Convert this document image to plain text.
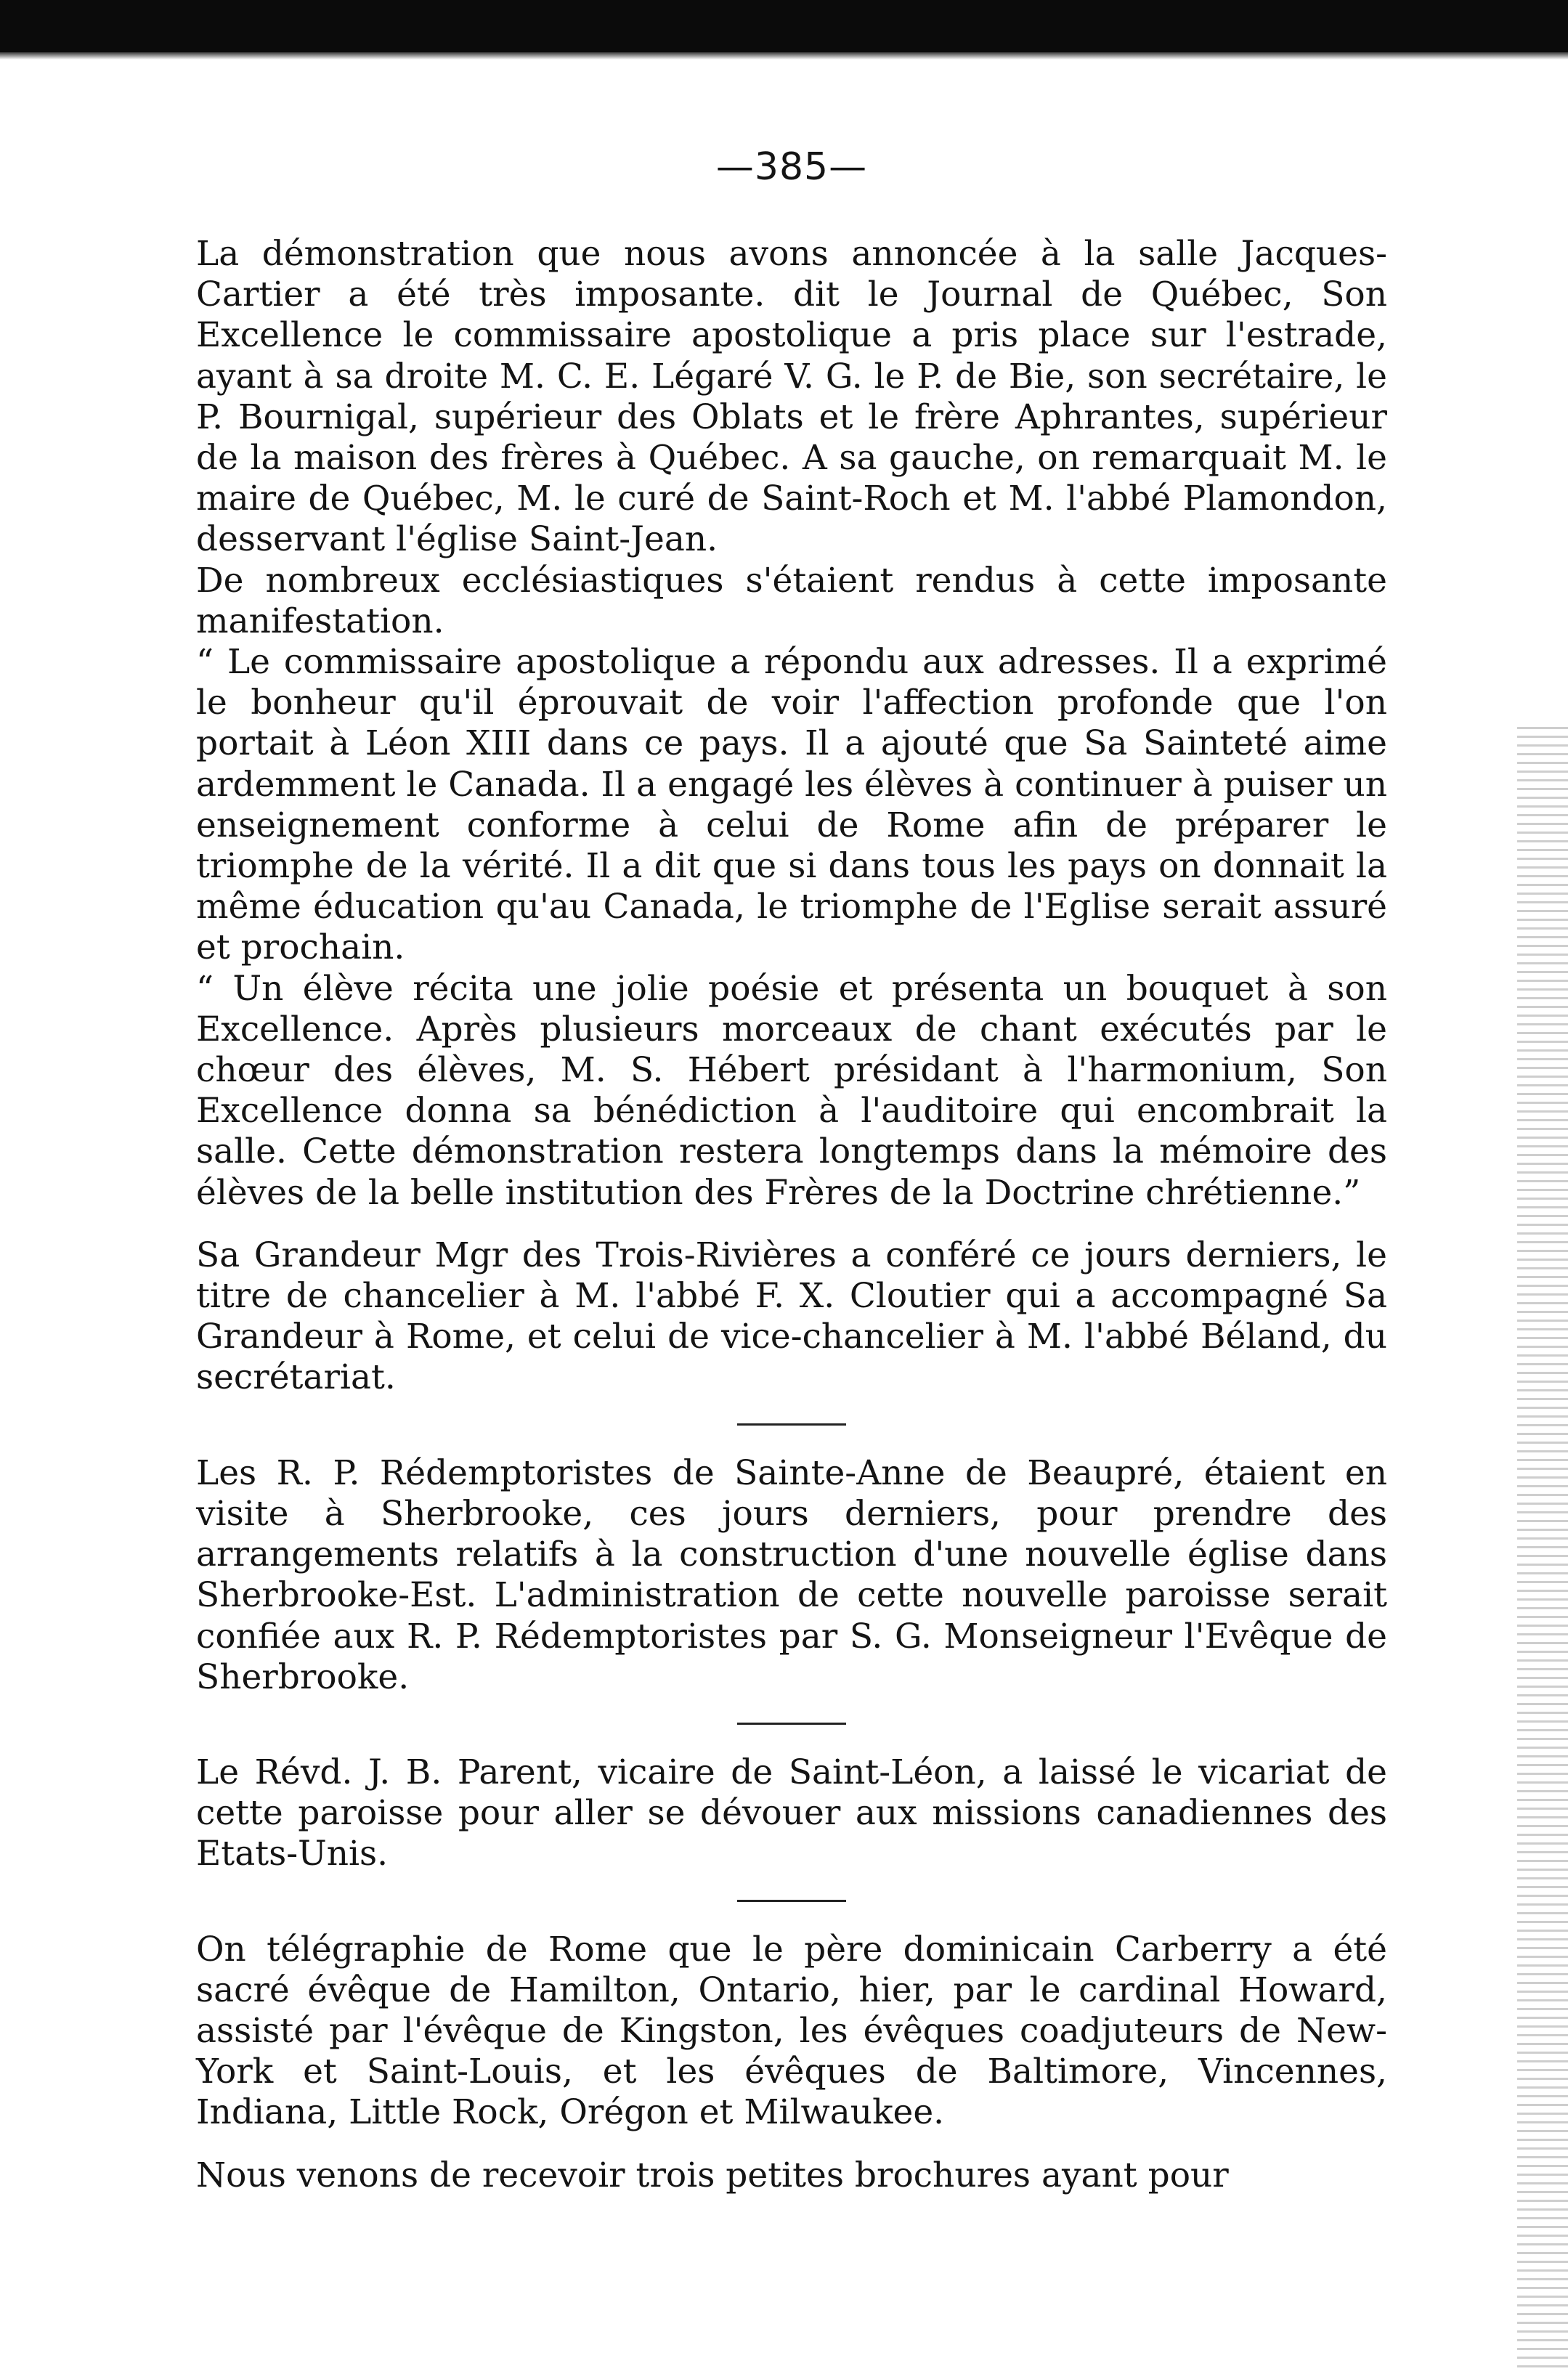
—385—

La démonstration que nous avons annoncée à la salle Jacques-Cartier a été très imposante. dit le Journal de Québec, Son Excellence le commissaire apostolique a pris place sur l'estrade, ayant à sa droite M. C. E. Légaré V. G. le P. de Bie, son secrétaire, le P. Bournigal, supérieur des Oblats et le frère Aphrantes, supérieur de la maison des frères à Québec. A sa gauche, on remarquait M. le maire de Québec, M. le curé de Saint-Roch et M. l'abbé Plamondon, desservant l'église Saint-Jean.

De nombreux ecclésiastiques s'étaient rendus à cette imposante manifestation.

“ Le commissaire apostolique a répondu aux adresses. Il a exprimé le bonheur qu'il éprouvait de voir l'affection profonde que l'on portait à Léon XIII dans ce pays. Il a ajouté que Sa Sainteté aime ardemment le Canada. Il a engagé les élèves à continuer à puiser un enseignement conforme à celui de Rome afin de préparer le triomphe de la vérité. Il a dit que si dans tous les pays on donnait la même éducation qu'au Canada, le triomphe de l'Eglise serait assuré et prochain.

“ Un élève récita une jolie poésie et présenta un bouquet à son Excellence. Après plusieurs morceaux de chant exécutés par le chœur des élèves, M. S. Hébert présidant à l'harmonium, Son Excellence donna sa bénédiction à l'auditoire qui encombrait la salle. Cette démonstration restera longtemps dans la mémoire des élèves de la belle institution des Frères de la Doctrine chrétienne.”

Sa Grandeur Mgr des Trois-Rivières a conféré ce jours derniers, le titre de chancelier à M. l'abbé F. X. Cloutier qui a accompagné Sa Grandeur à Rome, et celui de vice-chancelier à M. l'abbé Béland, du secrétariat.

Les R. P. Rédemptoristes de Sainte-Anne de Beaupré, étaient en visite à Sherbrooke, ces jours derniers, pour prendre des arrangements relatifs à la construction d'une nouvelle église dans Sherbrooke-Est. L'administration de cette nouvelle paroisse serait confiée aux R. P. Rédemptoristes par S. G. Monseigneur l'Evêque de Sherbrooke.

Le Révd. J. B. Parent, vicaire de Saint-Léon, a laissé le vicariat de cette paroisse pour aller se dévouer aux missions canadiennes des Etats-Unis.

On télégraphie de Rome que le père dominicain Carberry a été sacré évêque de Hamilton, Ontario, hier, par le cardinal Howard, assisté par l'évêque de Kingston, les évêques coadjuteurs de New-York et Saint-Louis, et les évêques de Baltimore, Vincennes, Indiana, Little Rock, Orégon et Milwaukee.

Nous venons de recevoir trois petites brochures ayant pour
